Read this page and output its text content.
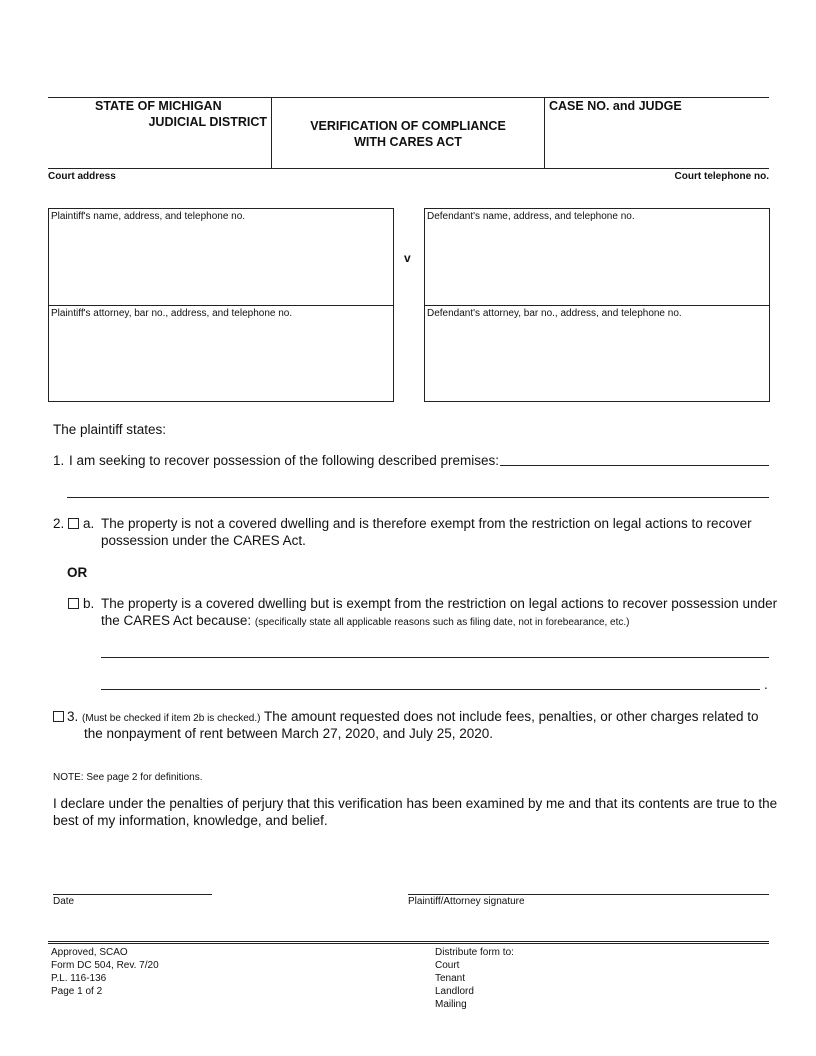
STATE OF MICHIGAN
JUDICIAL DISTRICT	VERIFICATION OF COMPLIANCE
WITH CARES ACT
CASE NO. and JUDGE
Court address	Court telephone no.
Plaintiff's name, address, and telephone no.
Plaintiff's attorney, bar no., address, and telephone no.
v
Defendant's name, address, and telephone no.
Defendant's attorney, bar no., address, and telephone no.
The plaintiff states:
1. I am seeking to recover possession of the following described premises:
2. a. The property is not a covered dwelling and is therefore exempt from the restriction on legal actions to recover
possession under the CARES Act.
OR
b. The property is a covered dwelling but is exempt from the restriction on legal actions to recover possession under
the CARES Act because: (specifically state all applicable reasons such as filing date, not in forebearance, etc.)
.
3. (Must be checked if item 2b is checked.) The amount requested does not include fees, penalties, or other charges related to
the nonpayment of rent between March 27, 2020, and July 25, 2020.
NOTE: See page 2 for definitions.
I declare under the penalties of perjury that this verification has been examined by me and that its contents are true to the
best of my information, knowledge, and belief.
Date	Plaintiff/Attorney signature
Approved, SCAO
Form DC 504, Rev. 7/20
P.L. 116-136
Page 1 of 2
Distribute form to:
Court
Tenant
Landlord
Mailing
